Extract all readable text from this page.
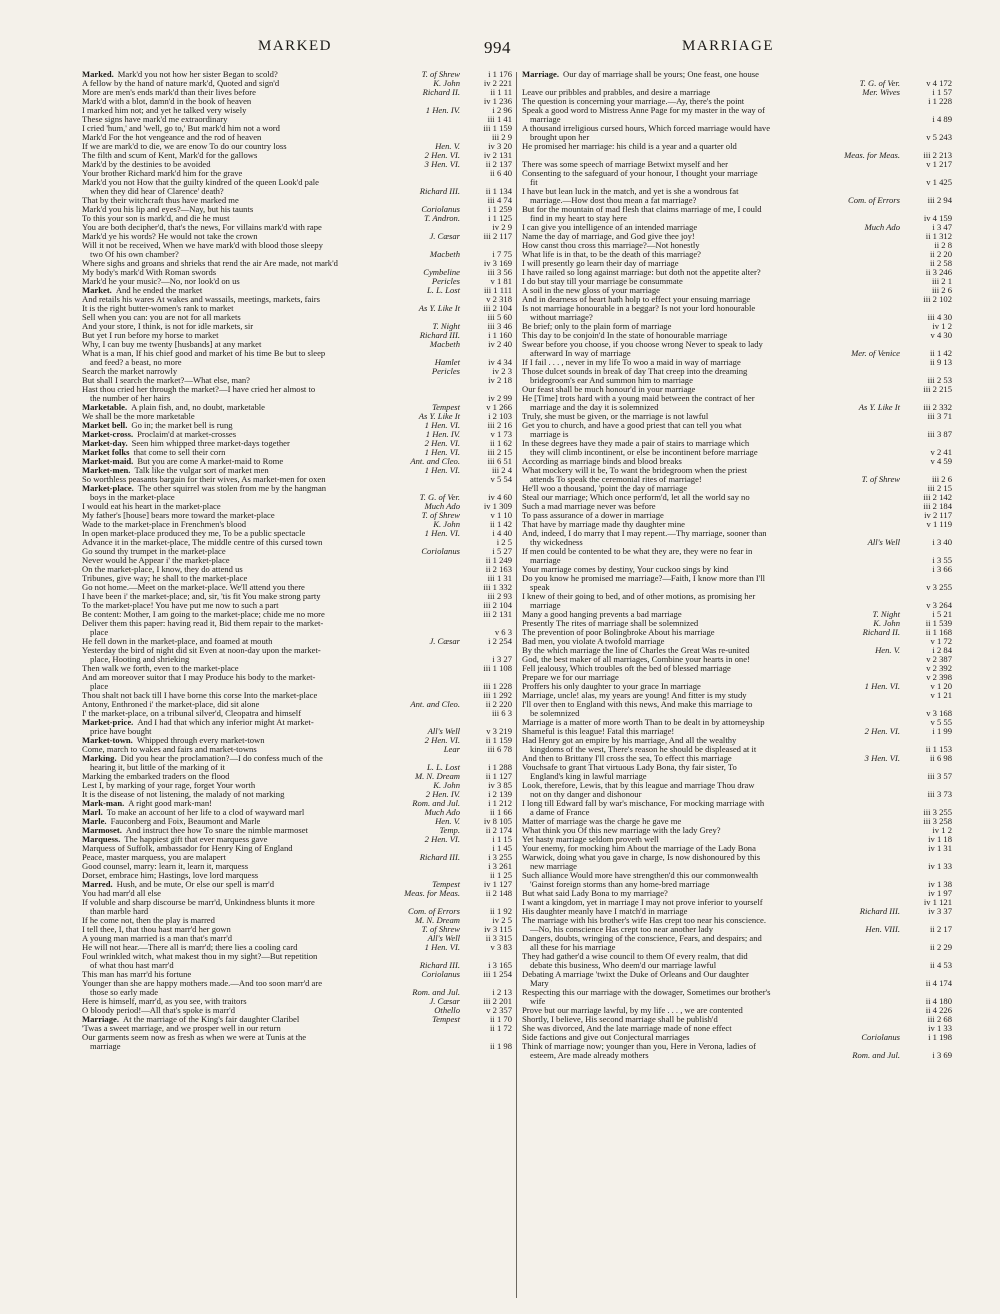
MARKED	994	MARRIAGE
Marked. Mark'd you not how her sister Began to scold?	T. of Shrew	i 1 176
A fellow by the hand of nature mark'd, Quoted and sign'd	K. John	iv 2 221
More are men's ends mark'd than their lives before	Richard II.	ii 1 11
Mark'd with a blot, damn'd in the book of heaven	iv 1 236
I marked him not; and yet he talked very wisely	1 Hen. IV.	i 2 96
These signs have mark'd me extraordinary	iii 1 41
I cried 'hum,' and 'well, go to,' But mark'd him not a word	iii 1 159
Mark'd For the hot vengeance and the rod of heaven	iii 2 9
If we are mark'd to die, we are enow To do our country loss	Hen. V.	iv 3 20
The filth and scum of Kent, Mark'd for the gallows	2 Hen. VI.	iv 2 131
Mark'd by the destinies to be avoided	3 Hen. VI.	ii 2 137
Your brother Richard mark'd him for the grave	ii 6 40
Mark'd you not How that the guilty kindred of the queen Look'd pale
when they did hear of Clarence' death?	Richard III.	ii 1 134
That by their witchcraft thus have marked me	iii 4 74
Mark'd you his lip and eyes?—Nay, but his taunts	Coriolanus	i 1 259
To this your son is mark'd, and die he must	T. Andron.	i 1 125
You are both decipher'd, that's the news, For villains mark'd with rape	iv 2 9
Mark'd ye his words? He would not take the crown	J. Cæsar	iii 2 117
Will it not be received, When we have mark'd with blood those sleepy
two Of his own chamber?	Macbeth	i 7 75
Where sighs and groans and shrieks that rend the air Are made, not mark'd	iv 3 169
My body's mark'd With Roman swords	Cymbeline	iii 3 56
Mark'd he your music?—No, nor look'd on us	Pericles	v 1 81
Market. And he ended the market	L. L. Lost	iii 1 111
And retails his wares At wakes and wassails, meetings, markets, fairs	v 2 318
It is the right butter-women's rank to market	As Y. Like It	iii 2 104
Sell when you can: you are not for all markets	iii 5 60
And your store, I think, is not for idle markets, sir	T. Night	iii 3 46
But yet I run before my horse to market	Richard III.	i 1 160
Why, I can buy me twenty [husbands] at any market	Macbeth	iv 2 40
What is a man, If his chief good and market of his time Be but to sleep
and feed? a beast, no more	Hamlet	iv 4 34
Search the market narrowly	Pericles	iv 2 3
But shall I search the market?—What else, man?	iv 2 18
Hast thou cried her through the market?—I have cried her almost to
the number of her hairs	iv 2 99
Marketable. A plain fish, and, no doubt, marketable	Tempest	v 1 266
We shall be the more marketable	As Y. Like It	i 2 103
Market bell. Go in; the market bell is rung	1 Hen. VI.	iii 2 16
Market-cross. Proclaim'd at market-crosses	1 Hen. IV.	v 1 73
Market-day. Seen him whipped three market-days together	2 Hen. VI.	ii 1 62
Market folks that come to sell their corn	1 Hen. VI.	iii 2 15
Market-maid. But you are come A market-maid to Rome	Ant. and Cleo.	iii 6 51
Market-men. Talk like the vulgar sort of market men	1 Hen. VI.	iii 2 4
So worthless peasants bargain for their wives, As market-men for oxen	v 5 54
Market-place. The other squirrel was stolen from me by the hangman
boys in the market-place	T. G. of Ver.	iv 4 60
I would eat his heart in the market-place	Much Ado	iv 1 309
My father's [house] bears more toward the market-place	T. of Shrew	v 1 10
Wade to the market-place in Frenchmen's blood	K. John	ii 1 42
In open market-place produced they me, To be a public spectacle	1 Hen. VI.	i 4 40
Advance it in the market-place, The middle centre of this cursed town	i 2 5
Go sound thy trumpet in the market-place	Coriolanus	i 5 27
Never would he Appear i' the market-place	ii 1 249
On the market-place, I know, they do attend us	ii 2 163
Tribunes, give way; he shall to the market-place	iii 1 31
Go not home.—Meet on the market-place. We'll attend you there	iii 1 332
I have been i' the market-place; and, sir, 'tis fit You make strong party	iii 2 93
To the market-place! You have put me now to such a part	iii 2 104
Be content: Mother, I am going to the market-place; chide me no more	iii 2 131
Deliver them this paper: having read it, Bid them repair to the market-
place	v 6 3
He fell down in the market-place, and foamed at mouth	J. Cæsar	i 2 254
Yesterday the bird of night did sit Even at noon-day upon the market-
place, Hooting and shrieking	i 3 27
Then walk we forth, even to the market-place	iii 1 108
And am moreover suitor that I may Produce his body to the market-
place	iii 1 228
Thou shalt not back till I have borne this corse Into the market-place	iii 1 292
Antony, Enthroned i' the market-place, did sit alone	Ant. and Cleo.	ii 2 220
I' the market-place, on a tribunal silver'd, Cleopatra and himself	iii 6 3
Market-price. And I had that which any inferior might At market-
price have bought	All's Well	v 3 219
Market-town. Whipped through every market-town	2 Hen. VI.	ii 1 159
Come, march to wakes and fairs and market-towns	Lear	iii 6 78
Marking. Did you hear the proclamation?—I do confess much of the
hearing it, but little of the marking of it	L. L. Lost	i 1 288
Marking the embarked traders on the flood	M. N. Dream	ii 1 127
Lest I, by marking of your rage, forget Your worth	K. John	iv 3 85
It is the disease of not listening, the malady of not marking	2 Hen. IV.	i 2 139
Mark-man. A right good mark-man!	Rom. and Jul.	i 1 212
Marl. To make an account of her life to a clod of wayward marl	Much Ado	ii 1 66
Marle. Fauconberg and Foix, Beaumont and Marle	Hen. V.	iv 8 105
Marmoset. And instruct thee how To snare the nimble marmoset	Temp.	ii 2 174
Marquess. The happiest gift that ever marquess gave	2 Hen. VI.	i 1 15
Marquess of Suffolk, ambassador for Henry King of England	i 1 45
Peace, master marquess, you are malapert	Richard III.	i 3 255
Good counsel, marry: learn it, learn it, marquess	i 3 261
Dorset, embrace him; Hastings, love lord marquess	ii 1 25
Marred. Hush, and be mute, Or else our spell is marr'd	Tempest	iv 1 127
You had marr'd all else	Meas. for Meas.	ii 2 148
If voluble and sharp discourse be marr'd, Unkindness blunts it more
than marble hard	Com. of Errors	ii 1 92
If he come not, then the play is marred	M. N. Dream	iv 2 5
I tell thee, I, that thou hast marr'd her gown	T. of Shrew	iv 3 115
A young man married is a man that's marr'd	All's Well	ii 3 315
He will not hear.—There all is marr'd; there lies a cooling card	1 Hen. VI.	v 3 83
Foul wrinkled witch, what makest thou in my sight?—But repetition
of what thou hast marr'd	Richard III.	i 3 165
This man has marr'd his fortune	Coriolanus	iii 1 254
Younger than she are happy mothers made.—And too soon marr'd are
those so early made	Rom. and Jul.	i 2 13
Here is himself, marr'd, as you see, with traitors	J. Cæsar	iii 2 201
O bloody period!—All that's spoke is marr'd	Othello	v 2 357
Marriage. At the marriage of the King's fair daughter Claribel	Tempest	ii 1 70
'Twas a sweet marriage, and we prosper well in our return	ii 1 72
Our garments seem now as fresh as when we were at Tunis at the
marriage	ii 1 98
Marriage. Our day of marriage shall be yours; One feast, one house
T. G. of Ver.	v 4 172
Leave our pribbles and prabbles, and desire a marriage	Mer. Wives	i 1 57
The question is concerning your marriage.—Ay, there's the point	i 1 228
Speak a good word to Mistress Anne Page for my master in the way of
marriage	i 4 89
A thousand irreligious cursed hours, Which forced marriage would have
brought upon her	v 5 243
He promised her marriage: his child is a year and a quarter old
Meas. for Meas.	iii 2 213
There was some speech of marriage Betwixt myself and her	v 1 217
Consenting to the safeguard of your honour, I thought your marriage
fit	v 1 425
I have but lean luck in the match, and yet is she a wondrous fat
marriage.—How dost thou mean a fat marriage?	Com. of Errors	iii 2 94
But for the mountain of mad flesh that claims marriage of me, I could
find in my heart to stay here	iv 4 159
I can give you intelligence of an intended marriage	Much Ado	i 3 47
Name the day of marriage, and God give thee joy!	ii 1 312
How canst thou cross this marriage?—Not honestly	ii 2 8
What life is in that, to be the death of this marriage?	ii 2 20
I will presently go learn their day of marriage	ii 2 58
I have railed so long against marriage: but doth not the appetite alter?	ii 3 246
I do but stay till your marriage be consummate	iii 2 1
A soil in the new gloss of your marriage	iii 2 6
And in dearness of heart hath holp to effect your ensuing marriage	iii 2 102
Is not marriage honourable in a beggar? Is not your lord honourable
without marriage?	iii 4 30
Be brief; only to the plain form of marriage	iv 1 2
This day to be conjoin'd In the state of honourable marriage	v 4 30
Swear before you choose, if you choose wrong Never to speak to lady
afterward In way of marriage	Mer. of Venice	ii 1 42
If I fail . . . , never in my life To woo a maid in way of marriage	ii 9 13
Those dulcet sounds in break of day That creep into the dreaming
bridegroom's ear And summon him to marriage	iii 2 53
Our feast shall be much honour'd in your marriage	iii 2 215
He [Time] trots hard with a young maid between the contract of her
marriage and the day it is solemnized	As Y. Like It	iii 2 332
Truly, she must be given, or the marriage is not lawful	iii 3 71
Get you to church, and have a good priest that can tell you what
marriage is	iii 3 87
In these degrees have they made a pair of stairs to marriage which
they will climb incontinent, or else be incontinent before marriage	v 2 41
According as marriage binds and blood breaks	v 4 59
What mockery will it be, To want the bridegroom when the priest
attends To speak the ceremonial rites of marriage!	T. of Shrew	iii 2 6
He'll woo a thousand, 'point the day of marriage	iii 2 15
Steal our marriage; Which once perform'd, let all the world say no	iii 2 142
Such a mad marriage never was before	iii 2 184
To pass assurance of a dower in marriage	iv 2 117
That have by marriage made thy daughter mine	v 1 119
And, indeed, I do marry that I may repent.—Thy marriage, sooner than
thy wickedness	All's Well	i 3 40
If men could be contented to be what they are, they were no fear in
marriage	i 3 55
Your marriage comes by destiny, Your cuckoo sings by kind	i 3 66
Do you know he promised me marriage?—Faith, I know more than I'll
speak	v 3 255
I knew of their going to bed, and of other motions, as promising her
marriage	v 3 264
Many a good hanging prevents a bad marriage	T. Night	i 5 21
Presently The rites of marriage shall be solemnized	K. John	ii 1 539
The prevention of poor Bolingbroke About his marriage	Richard II.	ii 1 168
Bad men, you violate A twofold marriage	v 1 72
By the which marriage the line of Charles the Great Was re-united	Hen. V.	i 2 84
God, the best maker of all marriages, Combine your hearts in one!	v 2 387
Fell jealousy, Which troubles oft the bed of blessed marriage	v 2 392
Prepare we for our marriage	v 2 398
Proffers his only daughter to your grace In marriage	1 Hen. VI.	v 1 20
Marriage, uncle! alas, my years are young! And fitter is my study	v 1 21
I'll over then to England with this news, And make this marriage to
be solemnized	v 3 168
Marriage is a matter of more worth Than to be dealt in by attorneyship	v 5 55
Shameful is this league! Fatal this marriage!	2 Hen. VI.	i 1 99
Had Henry got an empire by his marriage, And all the wealthy
kingdoms of the west, There's reason he should be displeased at it	ii 1 153
And then to Brittany I'll cross the sea, To effect this marriage	3 Hen. VI.	ii 6 98
Vouchsafe to grant That virtuous Lady Bona, thy fair sister, To
England's king in lawful marriage	iii 3 57
Look, therefore, Lewis, that by this league and marriage Thou draw
not on thy danger and dishonour	iii 3 73
I long till Edward fall by war's mischance, For mocking marriage with
a dame of France	iii 3 255
Matter of marriage was the charge he gave me	iii 3 258
What think you Of this new marriage with the lady Grey?	iv 1 2
Yet hasty marriage seldom proveth well	iv 1 18
Your enemy, for mocking him About the marriage of the Lady Bona	iv 1 31
Warwick, doing what you gave in charge, Is now dishonoured by this
new marriage	iv 1 33
Such alliance Would more have strengthen'd this our commonwealth
'Gainst foreign storms than any home-bred marriage	iv 1 38
But what said Lady Bona to my marriage?	iv 1 97
I want a kingdom, yet in marriage I may not prove inferior to yourself	iv 1 121
His daughter meanly have I match'd in marriage	Richard III.	iv 3 37
The marriage with his brother's wife Has crept too near his conscience.
—No, his conscience Has crept too near another lady	Hen. VIII.	ii 2 17
Dangers, doubts, wringing of the conscience, Fears, and despairs; and
all these for his marriage	ii 2 29
They had gather'd a wise council to them Of every realm, that did
debate this business, Who deem'd our marriage lawful	ii 4 53
Debating A marriage 'twixt the Duke of Orleans and Our daughter
Mary	ii 4 174
Respecting this our marriage with the dowager, Sometimes our brother's
wife	ii 4 180
Prove but our marriage lawful, by my life . . . , we are contented	ii 4 226
Shortly, I believe, His second marriage shall be publish'd	iii 2 68
She was divorced, And the late marriage made of none effect	iv 1 33
Side factions and give out Conjectural marriages	Coriolanus	i 1 198
Think of marriage now; younger than you, Here in Verona, ladies of
esteem, Are made already mothers	Rom. and Jul.	i 3 69
